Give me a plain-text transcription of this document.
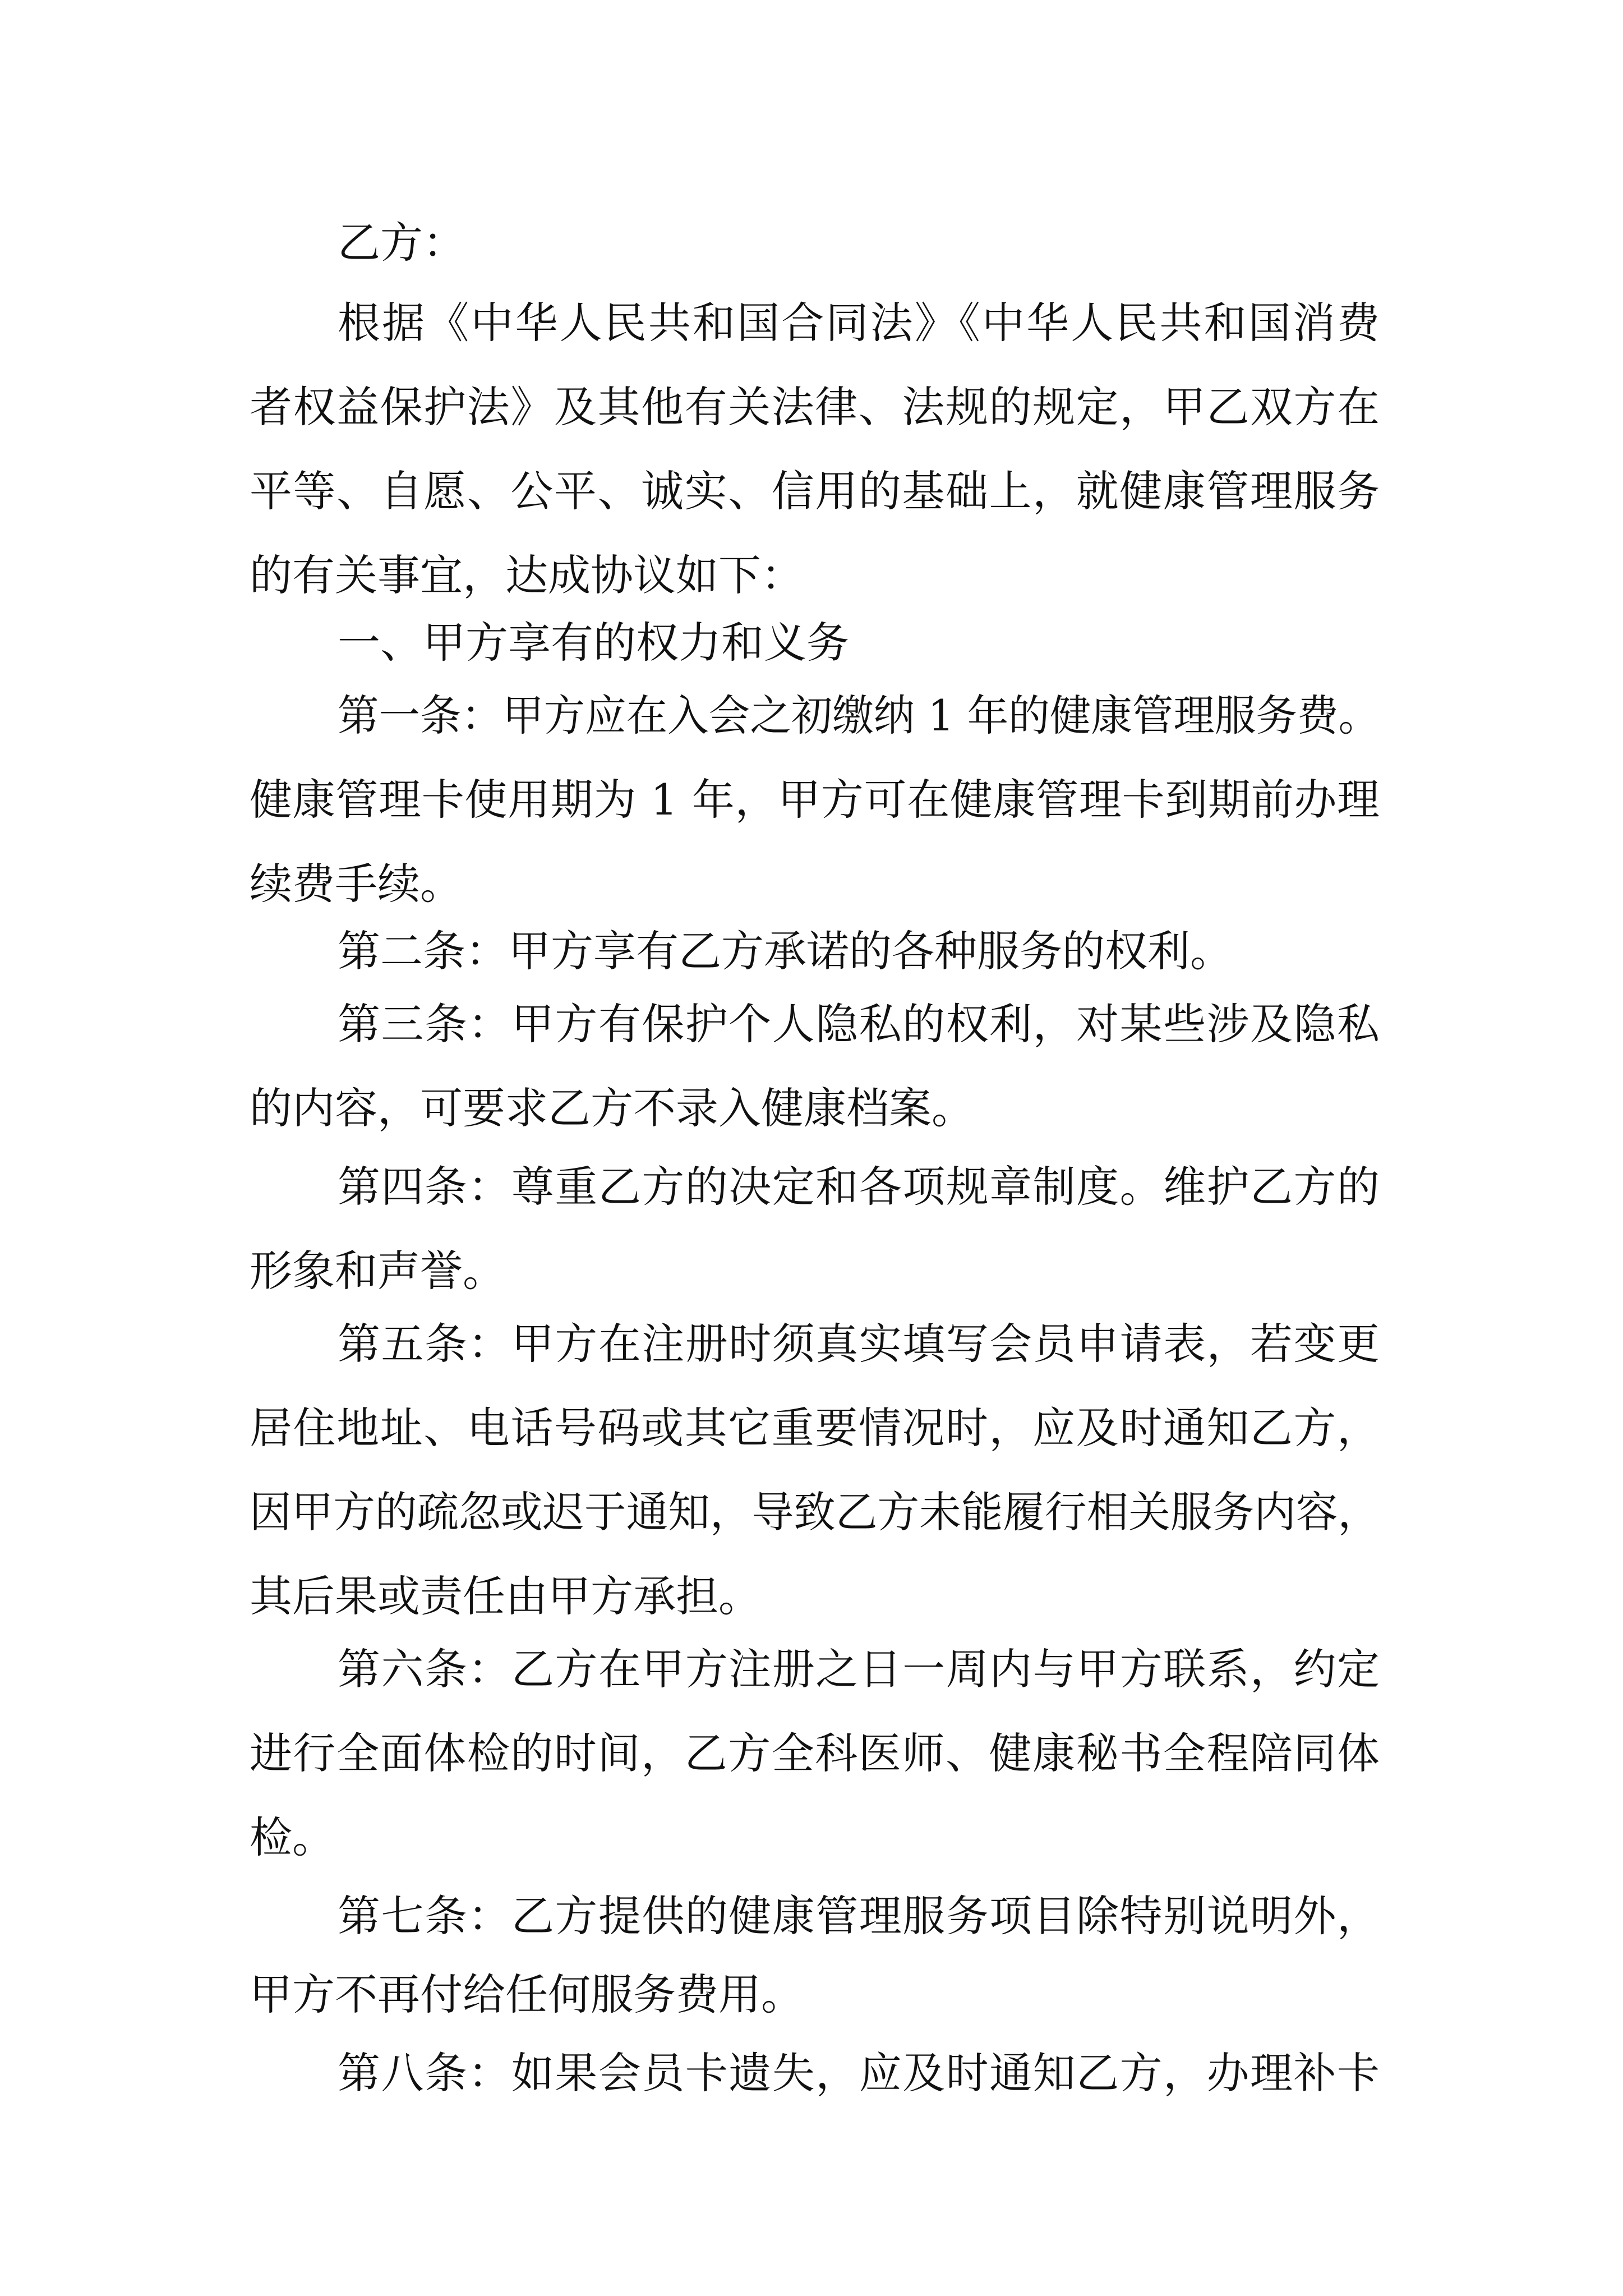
乙方：

根据《中华人民共和国合同法》《中华人民共和国消费

者权益保护法》及其他有关法律、法规的规定，甲乙双方在

平等、自愿、公平、诚实、信用的基础上，就健康管理服务

的有关事宜，达成协议如下：

一、甲方享有的权力和义务

第一条：甲方应在入会之初缴纳 1 年的健康管理服务费。

健康管理卡使用期为 1 年，甲方可在健康管理卡到期前办理

续费手续。

第二条：甲方享有乙方承诺的各种服务的权利。

第三条：甲方有保护个人隐私的权利，对某些涉及隐私

的内容，可要求乙方不录入健康档案。

第四条：尊重乙方的决定和各项规章制度。维护乙方的

形象和声誉。

第五条：甲方在注册时须真实填写会员申请表，若变更

居住地址、电话号码或其它重要情况时，应及时通知乙方，

因甲方的疏忽或迟于通知，导致乙方未能履行相关服务内容，

其后果或责任由甲方承担。

第六条：乙方在甲方注册之日一周内与甲方联系，约定

进行全面体检的时间，乙方全科医师、健康秘书全程陪同体

检。

第七条：乙方提供的健康管理服务项目除特别说明外，

甲方不再付给任何服务费用。

第八条：如果会员卡遗失，应及时通知乙方，办理补卡
